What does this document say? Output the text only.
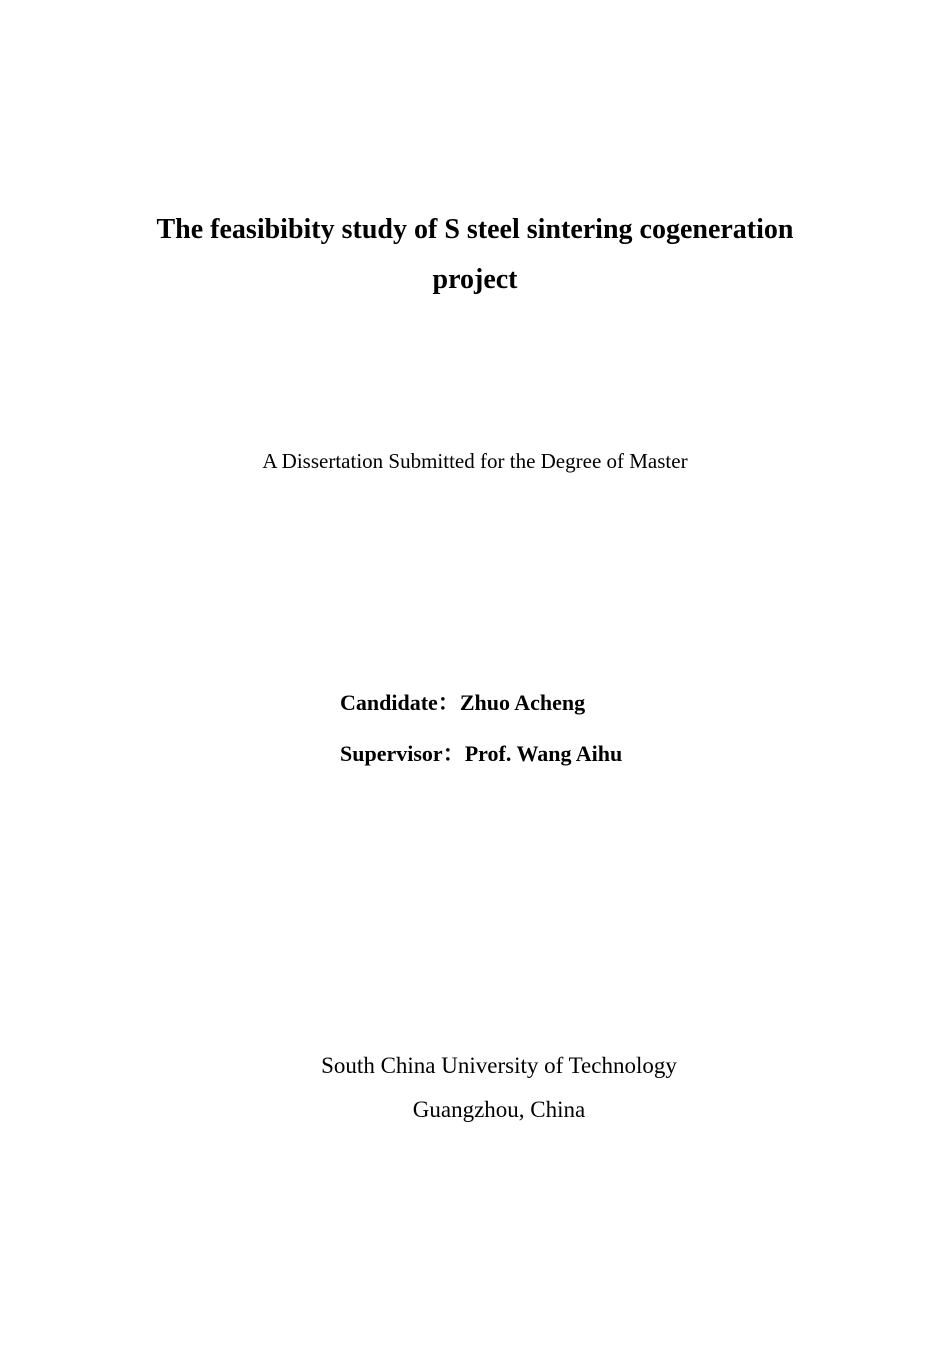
The feasibibity study of S steel sintering cogeneration
project
A Dissertation Submitted for the Degree of Master
Candidate：Zhuo Acheng
Supervisor：Prof. Wang Aihu
South China University of Technology
Guangzhou, China
